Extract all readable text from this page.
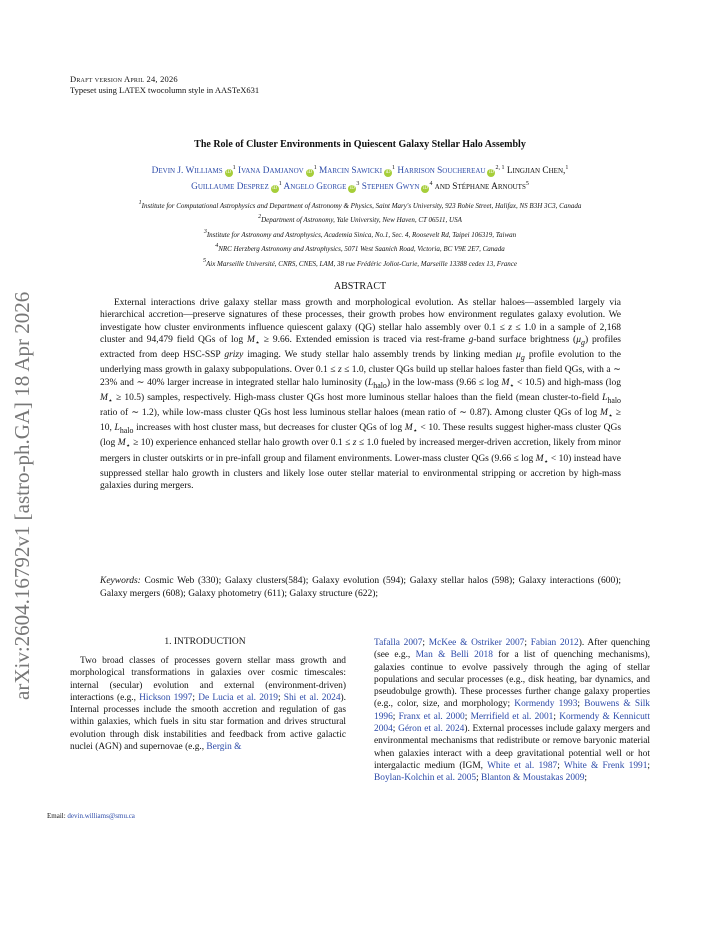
Draft version April 24, 2026
Typeset using LATEX twocolumn style in AASTeX631
arXiv:2604.16792v1 [astro-ph.GA] 18 Apr 2026
The Role of Cluster Environments in Quiescent Galaxy Stellar Halo Assembly
Devin J. Williams $iD^1$ Ivana Damjanov $iD^1$ Marcin Sawicki $iD^1$ Harrison Souchereau iD$^{2, 1}$ Lingjian Chen,$^1$
Guillaume Desprez $iD^1$ Angelo George $iD^3$ Stephen Gwyn $iD^4$ and Stéphane Arnouts$^5$
1Institute for Computational Astrophysics and Department of Astronomy & Physics, Saint Mary's University, 923 Robie Street, Halifax, NS B3H 3C3, Canada
2Department of Astronomy, Yale University, New Haven, CT 06511, USA
3Institute for Astronomy and Astrophysics, Academia Sinica, No.1, Sec. 4, Roosevelt Rd, Taipei 106319, Taiwan
4NRC Herzberg Astronomy and Astrophysics, 5071 West Saanich Road, Victoria, BC V9E 2E7, Canada
5Aix Marseille Université, CNRS, CNES, LAM, 38 rue Frédéric Joliot-Curie, Marseille 13388 cedex 13, France
ABSTRACT
External interactions drive galaxy stellar mass growth and morphological evolution. As stellar haloes—assembled largely via hierarchical accretion—preserve signatures of these processes, their growth probes how environment regulates galaxy evolution. We investigate how cluster environments influence quiescent galaxy (QG) stellar halo assembly over 0.1 ≤ z ≤ 1.0 in a sample of 2,168 cluster and 94,479 field QGs of $\log M_⋆ \ge 9.66$. Extended emission is traced via rest-frame g-band surface brightness $(\mu_g)$ profiles extracted from deep HSC-SSP grizy imaging. We study stellar halo assembly trends by linking median $\mu_g$ profile evolution to the underlying mass growth in galaxy subpopulations. Over 0.1 ≤ z ≤ 1.0, cluster QGs build up stellar haloes faster than field QGs, with a ∼ 23% and ∼ 40% larger increase in integrated stellar halo luminosity $(L_{halo})$ in the low-mass $(9.66 \le \log M_⋆ < 10.5)$ and high-mass (log $M_⋆ \ge 10.5$) samples, respectively. High-mass cluster QGs host more luminous stellar haloes than the field (mean cluster-to-field $L_{halo}$ ratio of ∼ 1.2), while low-mass cluster QGs host less luminous stellar haloes (mean ratio of ∼ 0.87). Among cluster QGs of $\log M_⋆ \ge 10$, $L_{halo}$ increases with host cluster mass, but decreases for cluster QGs of $\log M_⋆ < 10$. These results suggest higher-mass cluster QGs (log $M_⋆ \ge 10$) experience enhanced stellar halo growth over 0.1 ≤ z ≤ 1.0 fueled by increased merger-driven accretion, likely from minor mergers in cluster outskirts or in pre-infall group and filament environments. Lower-mass cluster QGs $(9.66 \le \log M_⋆ < 10)$ instead have suppressed stellar halo growth in clusters and likely lose outer stellar material to environmental stripping or accretion by high-mass galaxies during mergers.
Keywords: Cosmic Web (330); Galaxy clusters(584); Galaxy evolution (594); Galaxy stellar halos (598); Galaxy interactions (600); Galaxy mergers (608); Galaxy photometry (611); Galaxy structure (622);
1. INTRODUCTION
Two broad classes of processes govern stellar mass growth and morphological transformations in galaxies over cosmic timescales: internal (secular) evolution and external (environment-driven) interactions (e.g., Hickson 1997; De Lucia et al. 2019; Shi et al. 2024). Internal processes include the smooth accretion and regulation of gas within galaxies, which fuels in situ star formation and drives structural evolution through disk instabilities and feedback from active galactic nuclei (AGN) and supernovae (e.g., Bergin &
Tafalla 2007; McKee & Ostriker 2007; Fabian 2012). After quenching (see e.g., Man & Belli 2018 for a list of quenching mechanisms), galaxies continue to evolve passively through the aging of stellar populations and secular processes (e.g., disk heating, bar dynamics, and pseudobulge growth). These processes further change galaxy properties (e.g., color, size, and morphology; Kormendy 1993; Bouwens & Silk 1996; Franx et al. 2000; Merrifield et al. 2001; Kormendy & Kennicutt 2004; Géron et al. 2024). External processes include galaxy mergers and environmental mechanisms that redistribute or remove baryonic material when galaxies interact with a deep gravitational potential well or hot intergalactic medium (IGM, White et al. 1987; White & Frenk 1991; Boylan-Kolchin et al. 2005; Blanton & Moustakas 2009;
Email: devin.williams@smu.ca
